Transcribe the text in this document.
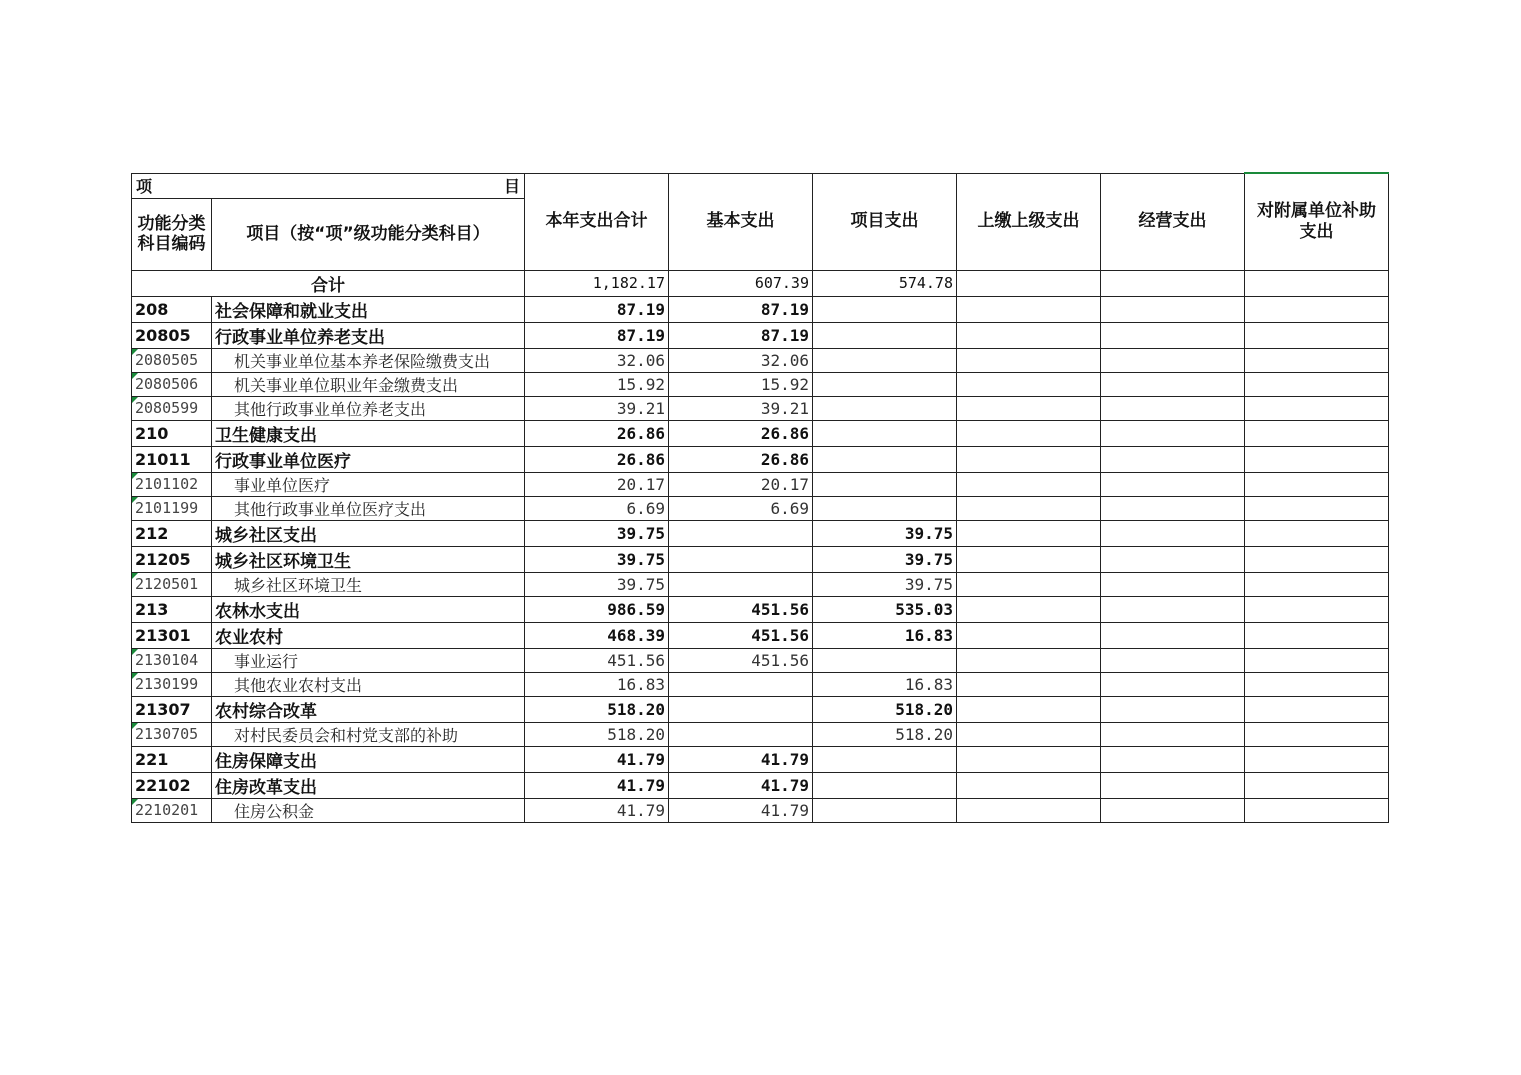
项 目		本年支出合计	基本支出	项目支出	上缴上级支出	经营支出	对附属单位补助支出
功能分类科目编码	项目（按“项”级功能分类科目）						
合计		1,182.17	607.39	574.78			
208	社会保障和就业支出	87.19	87.19				
20805	行政事业单位养老支出	87.19	87.19				

2080505	机关事业单位基本养老保险缴费支出	32.06	32.06				

2080506	机关事业单位职业年金缴费支出	15.92	15.92				

2080599	其他行政事业单位养老支出	39.21	39.21				
210	卫生健康支出	26.86	26.86				
21011	行政事业单位医疗	26.86	26.86				

2101102	事业单位医疗	20.17	20.17				

2101199	其他行政事业单位医疗支出	6.69	6.69				
212	城乡社区支出	39.75		39.75			
21205	城乡社区环境卫生	39.75		39.75			

2120501	城乡社区环境卫生	39.75		39.75			
213	农林水支出	986.59	451.56	535.03			
21301	农业农村	468.39	451.56	16.83			

2130104	事业运行	451.56	451.56				

2130199	其他农业农村支出	16.83		16.83			
21307	农村综合改革	518.20		518.20			

2130705	对村民委员会和村党支部的补助	518.20		518.20			
221	住房保障支出	41.79	41.79				
22102	住房改革支出	41.79	41.79				

2210201	住房公积金	41.79	41.79				
